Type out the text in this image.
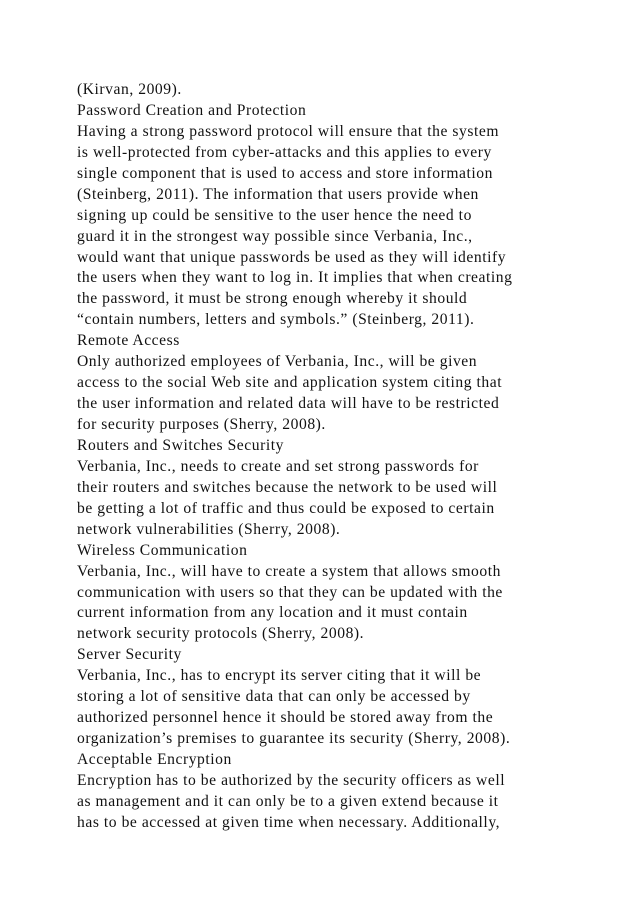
(Kirvan, 2009).
Password Creation and Protection
Having a strong password protocol will ensure that the system
is well-protected from cyber-attacks and this applies to every
single component that is used to access and store information
(Steinberg, 2011). The information that users provide when
signing up could be sensitive to the user hence the need to
guard it in the strongest way possible since Verbania, Inc.,
would want that unique passwords be used as they will identify
the users when they want to log in. It implies that when creating
the password, it must be strong enough whereby it should
“contain numbers, letters and symbols.” (Steinberg, 2011).
Remote Access
Only authorized employees of Verbania, Inc., will be given
access to the social Web site and application system citing that
the user information and related data will have to be restricted
for security purposes (Sherry, 2008).
Routers and Switches Security
Verbania, Inc., needs to create and set strong passwords for
their routers and switches because the network to be used will
be getting a lot of traffic and thus could be exposed to certain
network vulnerabilities (Sherry, 2008).
Wireless Communication
Verbania, Inc., will have to create a system that allows smooth
communication with users so that they can be updated with the
current information from any location and it must contain
network security protocols (Sherry, 2008).
Server Security
Verbania, Inc., has to encrypt its server citing that it will be
storing a lot of sensitive data that can only be accessed by
authorized personnel hence it should be stored away from the
organization’s premises to guarantee its security (Sherry, 2008).
Acceptable Encryption
Encryption has to be authorized by the security officers as well
as management and it can only be to a given extend because it
has to be accessed at given time when necessary. Additionally,
